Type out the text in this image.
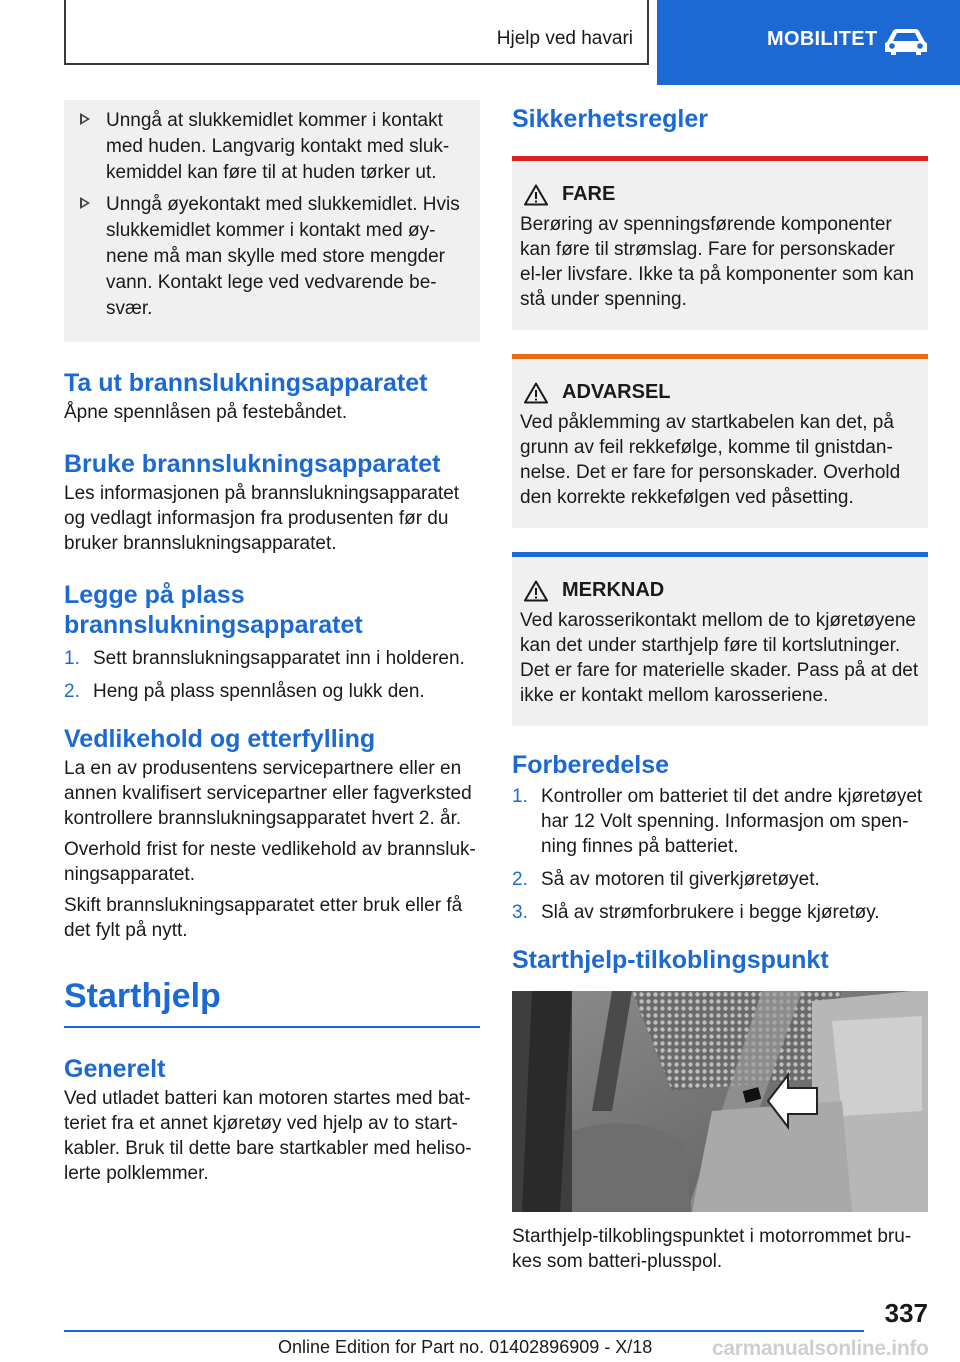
Hjelp ved havari	MOBILITET
Unngå at slukkemidlet kommer i kontakt med huden. Langvarig kontakt med sluk-kemiddel kan føre til at huden tørker ut.
Unngå øyekontakt med slukkemidlet. Hvis slukkemidlet kommer i kontakt med øy-nene må man skylle med store mengder vann. Kontakt lege ved vedvarende be-svær.
Ta ut brannslukningsapparatet

Åpne spennlåsen på festebåndet.

Bruke brannslukningsapparatet

Les informasjonen på brannslukningsapparatet og vedlagt informasjon fra produsenten før du bruker brannslukningsapparatet.

Legge på plass brannslukningsapparatet
1. Sett brannslukningsapparatet inn i holderen.
2. Heng på plass spennlåsen og lukk den.
Vedlikehold og etterfylling

La en av produsentens servicepartnere eller en annen kvalifisert servicepartner eller fagverksted kontrollere brannslukningsapparatet hvert 2. år.

Overhold frist for neste vedlikehold av brannsluk-ningsapparatet.

Skift brannslukningsapparatet etter bruk eller få det fylt på nytt.

Starthjelp
Generelt

Ved utladet batteri kan motoren startes med bat-teriet fra et annet kjøretøy ved hjelp av to start-kabler. Bruk til dette bare startkabler med heliso-lerte polklemmer.

Sikkerhetsregler
FARE

Berøring av spenningsførende komponenter kan føre til strømslag. Fare for personskader el-ler livsfare. Ikke ta på komponenter som kan stå under spenning.

ADVARSEL

Ved påklemming av startkabelen kan det, på grunn av feil rekkefølge, komme til gnistdan-nelse. Det er fare for personskader. Overhold den korrekte rekkefølgen ved påsetting.

MERKNAD

Ved karosserikontakt mellom de to kjøretøyene kan det under starthjelp føre til kortslutninger. Det er fare for materielle skader. Pass på at det ikke er kontakt mellom karosseriene.

Forberedelse
1. Kontroller om batteriet til det andre kjøretøyet har 12 Volt spenning. Informasjon om spen-ning finnes på batteriet.
2. Så av motoren til giverkjøretøyet.
3. Slå av strømforbrukere i begge kjøretøy.
Starthjelp-tilkoblingspunkt

Starthjelp-tilkoblingspunktet i motorrommet bru-kes som batteri-plusspol.

337
Online Edition for Part no. 01402896909 - X/18	carmanualsonline.info
